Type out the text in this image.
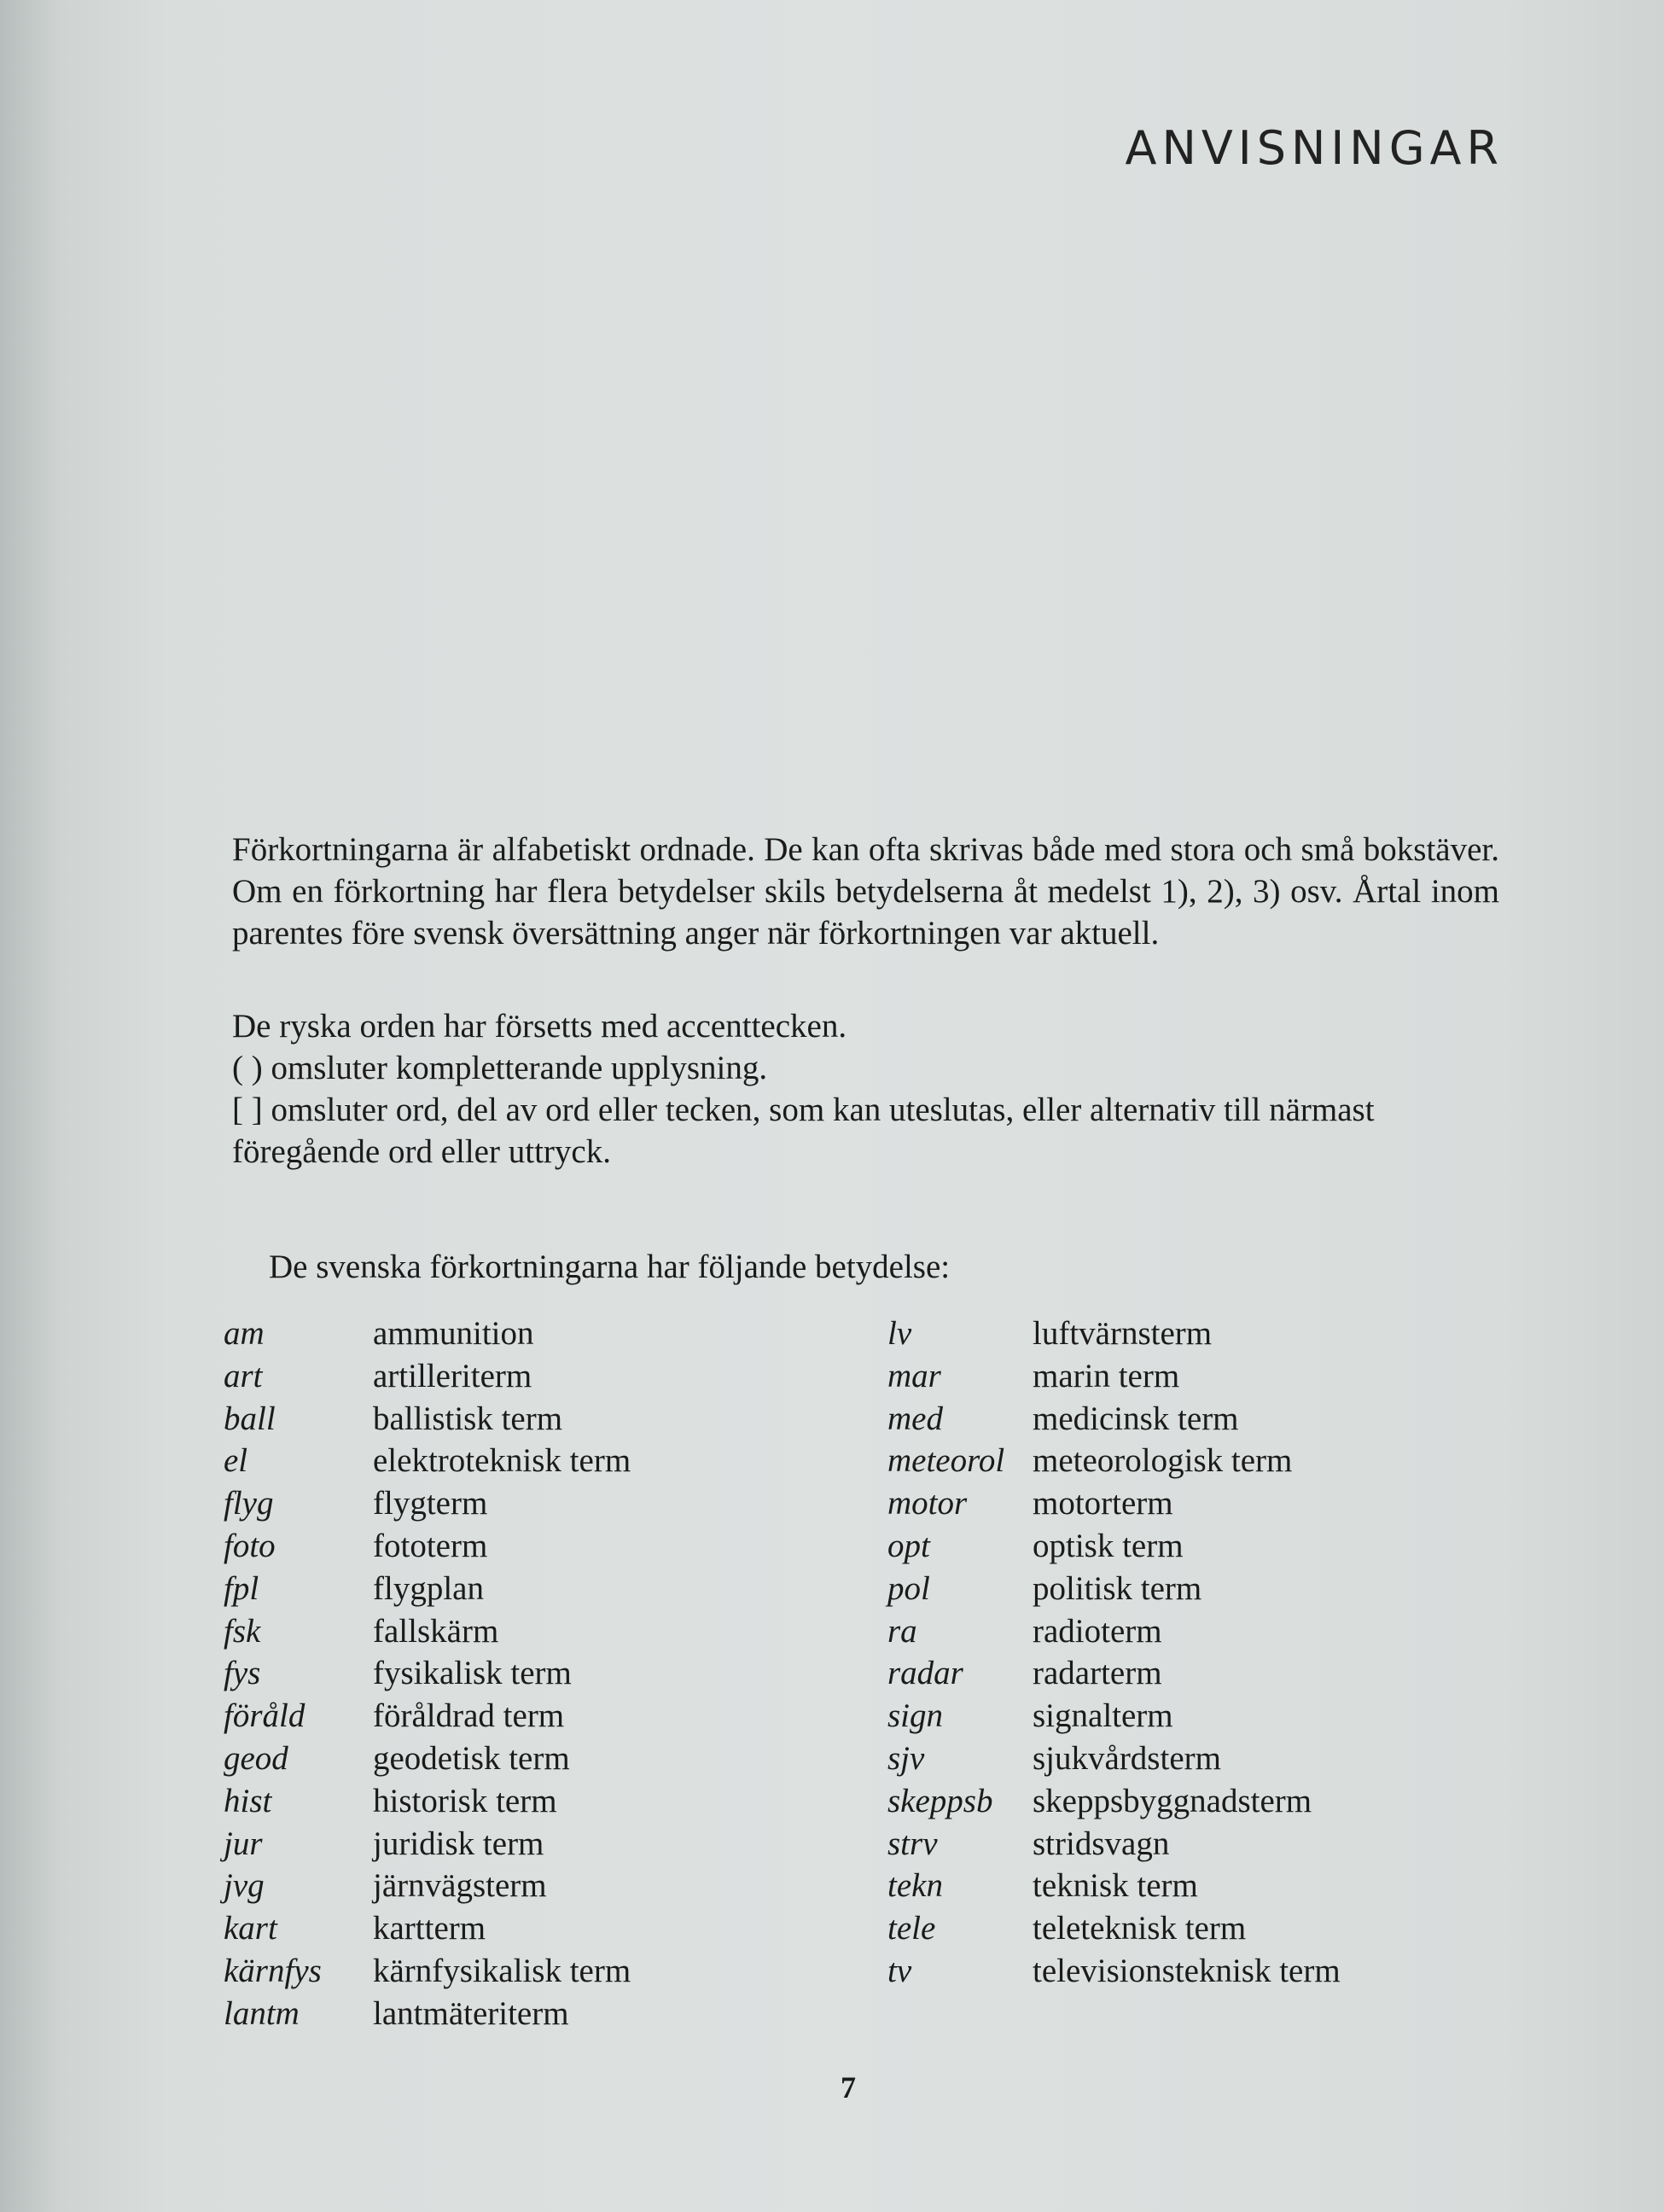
ANVISNINGAR

Förkortningarna är alfabetiskt ordnade. De kan ofta skrivas både med stora och små bokstäver. Om en förkortning har flera betydelser skils betydelserna åt medelst 1), 2), 3) osv. Årtal inom parentes före svensk översättning anger när förkortningen var aktuell.

De ryska orden har försetts med accenttecken.
( ) omsluter kompletterande upplysning.
[ ] omsluter ord, del av ord eller tecken, som kan uteslutas, eller alternativ till närmast föregående ord eller uttryck.
De svenska förkortningarna har följande betydelse:
am	ammunition
art	artilleriterm
ball	ballistisk term
el	elektroteknisk term
flyg	flygterm
foto	fototerm
fpl	flygplan
fsk	fallskärm
fys	fysikalisk term
föråld	föråldrad term
geod	geodetisk term
hist	historisk term
jur	juridisk term
jvg	järnvägsterm
kart	kartterm
kärnfys	kärnfysikalisk term
lantm	lantmäteriterm
lv	luftvärnsterm
mar	marin term
med	medicinsk term
meteorol meteorologisk term
motor	motorterm
opt	optisk term
pol	politisk term
ra	radioterm
radar	radarterm
sign	signalterm
sjv	sjukvårdsterm
skeppsb	skeppsbyggnadsterm
strv	stridsvagn
tekn	teknisk term
tele	teleteknisk term
tv	televisionsteknisk term
7
